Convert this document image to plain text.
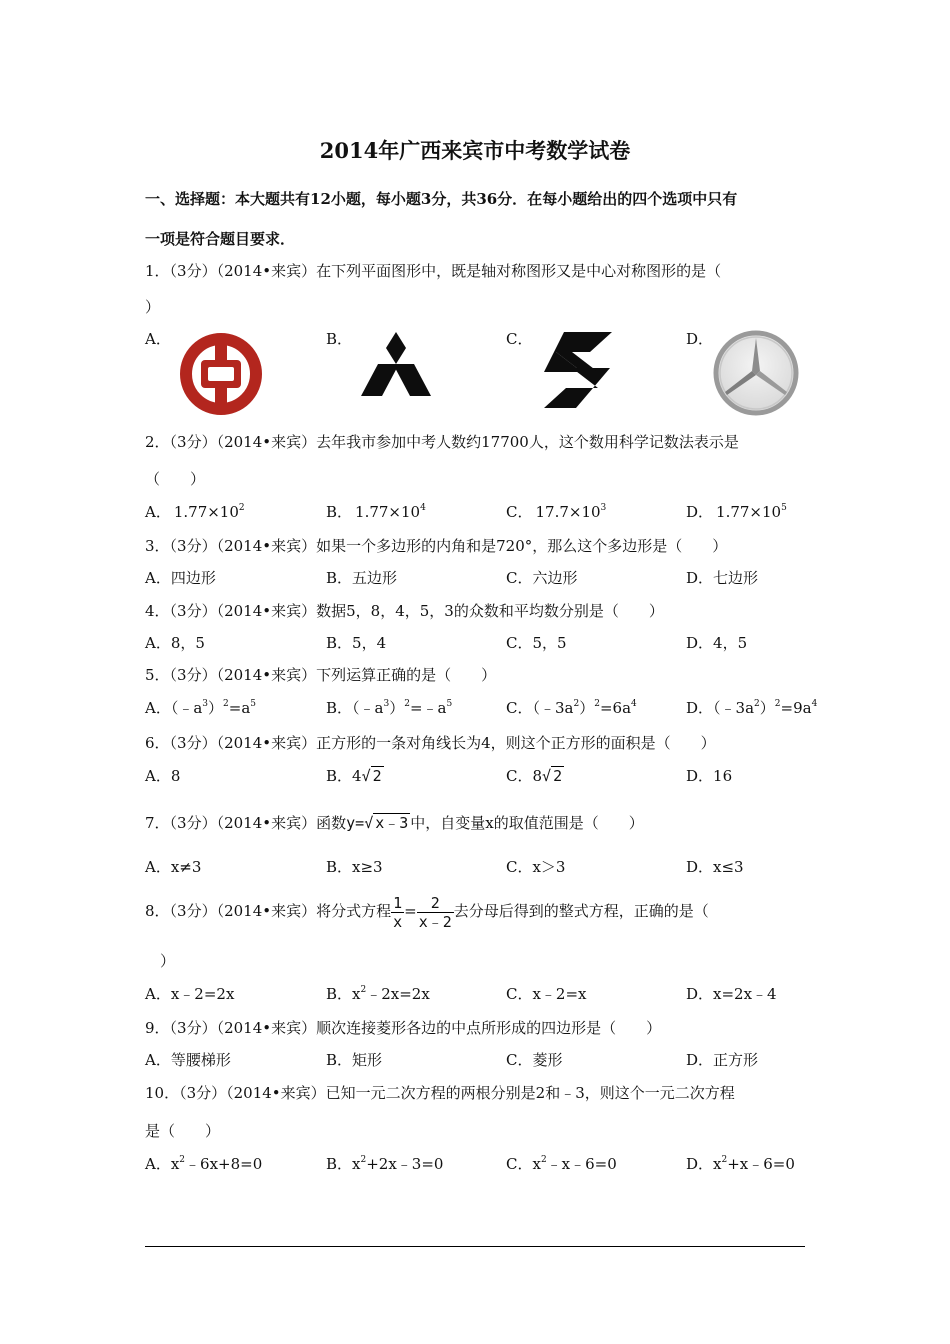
2014年广西来宾市中考数学试卷
一、选择题：本大题共有12小题，每小题3分，共36分．在每小题给出的四个选项中只有
一项是符合题目要求．
1．（3分）（2014•来宾）在下列平面图形中，既是轴对称图形又是中心对称图形的是（
）
A．	B．	C．	D．
2．（3分）（2014•来宾）去年我市参加中考人数约17700人，这个数用科学记数法表示是
（　　）
A． $1.77\times 10^2$	B． $1.77\times 10^4$	C． $17.7\times 10^3$	D． $1.77\times 10^5$
3．（3分）（2014•来宾）如果一个多边形的内角和是720°，那么这个多边形是（　　）
A．四边形	B．五边形	C．六边形	D．七边形
4．（3分）（2014•来宾）数据5，8，4，5，3的众数和平均数分别是（　　）
A．8，5	B．5，4	C．5，5	D．4，5
5．（3分）（2014•来宾）下列运算正确的是（　　）
A．$(﹣a^3)^2=a^5$	B．$(﹣a^3)^2=﹣a^5$	C．$(﹣3a^2)^2=6a^4$	D．$(﹣3a^2)^2=9a^4$
6．（3分）（2014•来宾）正方形的一条对角线长为4，则这个正方形的面积是（　　）
A．8	B．4√ 2	C．8√ 2	D．16
7．（3分）（2014•来宾）函数y=√ x﹣3 中，自变量x的取值范围是（　　）
A．x≠3	B．x≥3	C．x＞3	D．x≤3
8．（3分）（2014•来宾）将分式方程 $\frac{1}{x} = \frac{2}{x﹣2}$ 去分母后得到的整式方程，正确的是（
）
A．x﹣2=2x	B．$x^2﹣2x=2x$	C．x﹣2=x	D．x=2x﹣4
9．（3分）（2014•来宾）顺次连接菱形各边的中点所形成的四边形是（　　）
A．等腰梯形	B．矩形	C．菱形	D．正方形
10．（3分）（2014•来宾）已知一元二次方程的两根分别是2和﹣3，则这个一元二次方程
是（　　）
A．$x^2﹣6x+8=0$	B．$x^2+2x﹣3=0$	C．$x^2﹣x﹣6=0$	D．$x^2+x﹣6=0$
